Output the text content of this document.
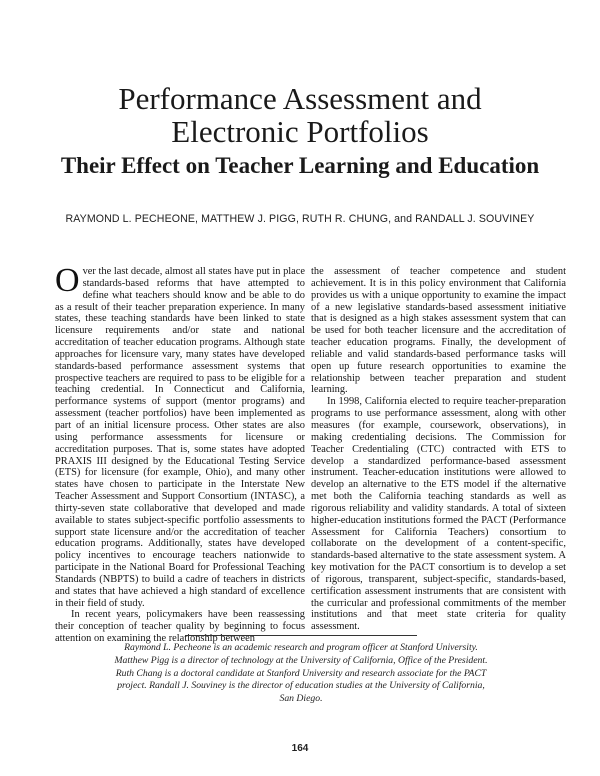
Performance Assessment and
Electronic Portfolios
Their Effect on Teacher Learning and Education
RAYMOND L. PECHEONE, MATTHEW J. PIGG, RUTH R. CHUNG, and RANDALL J. SOUVINEY

Over the last decade, almost all states have put in place standards-based reforms that have attempted to define what teachers should know and be able to do as a result of their teacher preparation experience. In many states, these teaching standards have been linked to state licensure requirements and/or state and national accreditation of teacher education programs. Although state approaches for licensure vary, many states have developed standards-based performance assessment systems that prospective teachers are required to pass to be eligible for a teaching credential. In Connecticut and California, performance systems of support (mentor programs) and assessment (teacher portfolios) have been implemented as part of an initial licensure process. Other states are also using performance assessments for licensure or accreditation purposes. That is, some states have adopted PRAXIS III designed by the Educational Testing Service (ETS) for licensure (for example, Ohio), and many other states have chosen to participate in the Interstate New Teacher Assessment and Support Consortium (INTASC), a thirty-seven state collaborative that developed and made available to states subject-specific portfolio assessments to support state licensure and/or the accreditation of teacher education programs. Additionally, states have developed policy incentives to encourage teachers nationwide to participate in the National Board for Professional Teaching Standards (NBPTS) to build a cadre of teachers in districts and states that have achieved a high standard of excellence in their field of study.

In recent years, policymakers have been reassessing their conception of teacher quality by beginning to focus attention on examining the relationship between

the assessment of teacher competence and student achievement. It is in this policy environment that California provides us with a unique opportunity to examine the impact of a new legislative standards-based assessment initiative that is designed as a high stakes assessment system that can be used for both teacher licensure and the accreditation of teacher education programs. Finally, the development of reliable and valid standards-based performance tasks will open up future research opportunities to examine the relationship between teacher preparation and student learning.

In 1998, California elected to require teacher-preparation programs to use performance assessment, along with other measures (for example, coursework, observations), in making credentialing decisions. The Commission for Teacher Credentialing (CTC) contracted with ETS to develop a standardized performance-based assessment instrument. Teacher-education institutions were allowed to develop an alternative to the ETS model if the alternative met both the California teaching standards as well as rigorous reliability and validity standards. A total of sixteen higher-education institutions formed the PACT (Performance Assessment for California Teachers) consortium to collaborate on the development of a content-specific, standards-based alternative to the state assessment system. A key motivation for the PACT consortium is to develop a set of rigorous, transparent, subject-specific, standards-based, certification assessment instruments that are consistent with the curricular and professional commitments of the member institutions and that meet state criteria for quality assessment.

Raymond L. Pecheone is an academic research and program officer at Stanford University. Matthew Pigg is a director of technology at the University of California, Office of the President. Ruth Chang is a doctoral candidate at Stanford University and research associate for the PACT project. Randall J. Souviney is the director of education studies at the University of California, San Diego.
164
